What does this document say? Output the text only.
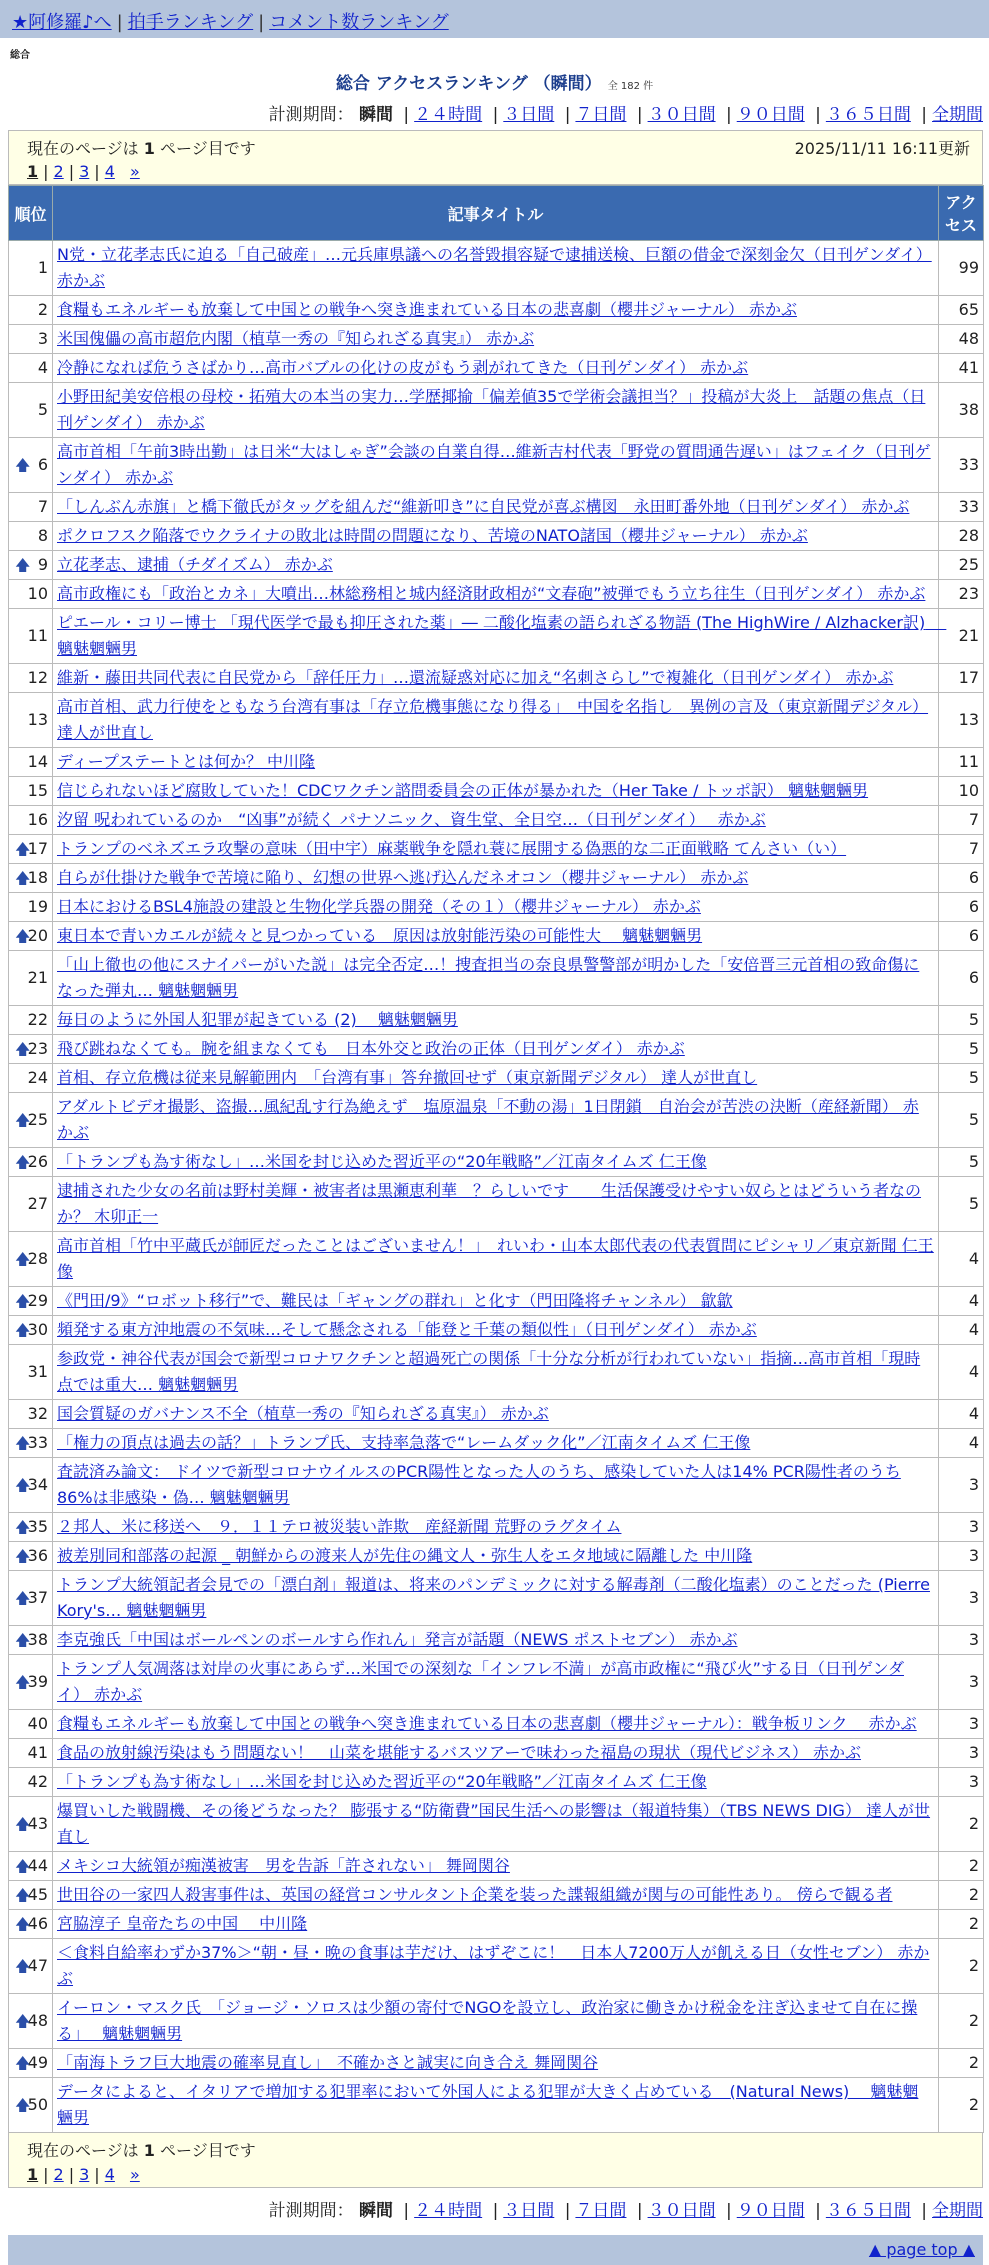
★阿修羅♪へ | 拍手ランキング | コメント数ランキング
総合
総合 アクセスランキング （瞬間） 全 182 件
計測期間： 瞬間 | ２４時間 | ３日間 | ７日間 | ３０日間 | ９０日間 | ３６５日間 | 全期間
現在のページは 1 ページ目です	2025/11/11 16:11更新
1 | 2 | 3 | 4 »
順位	記事タイトル	アクセス
1	N党・立花孝志氏に迫る「自己破産」…元兵庫県議への名誉毀損容疑で逮捕送検、巨額の借金で深刻金欠（日刊ゲンダイ） 赤かぶ	99
2	食糧もエネルギーも放棄して中国との戦争へ突き進まれている日本の悲喜劇（櫻井ジャーナル） 赤かぶ	65
3	米国傀儡の高市超危内閣（植草一秀の『知られざる真実』） 赤かぶ	48
4	冷静になれば危うさばかり…高市バブルの化けの皮がもう剥がれてきた（日刊ゲンダイ） 赤かぶ	41
5	小野田紀美安倍根の母校・拓殖大の本当の実力…学歴揶揄「偏差値35で学術会議担当？」投稿が大炎上　話題の焦点（日刊ゲンダイ） 赤かぶ	38

🡅 6	高市首相「午前3時出勤」は日米“大はしゃぎ”会談の自業自得…維新吉村代表「野党の質問通告遅い」はフェイク（日刊ゲンダイ） 赤かぶ	33
7	「しんぶん赤旗」と橋下徹氏がタッグを組んだ“維新叩き”に自民党が喜ぶ構図　永田町番外地（日刊ゲンダイ） 赤かぶ	33
8	ポクロフスク陥落でウクライナの敗北は時間の問題になり、苦境のNATO諸国（櫻井ジャーナル） 赤かぶ	28

🡅 9	立花孝志、逮捕（チダイズム） 赤かぶ	25
10	高市政権にも「政治とカネ」大噴出…林総務相と城内経済財政相が“文春砲”被弾でもう立ち往生（日刊ゲンダイ） 赤かぶ	23
11	ピエール・コリー博士 「現代医学で最も抑圧された薬」― 二酸化塩素の語られざる物語 (The HighWire / Alzhacker訳)　 魑魅魍魎男	21
12	維新・藤田共同代表に自民党から「辞任圧力」…還流疑惑対応に加え“名刺さらし”で複雑化（日刊ゲンダイ） 赤かぶ	17
13	高市首相、武力行使をともなう台湾有事は「存立危機事態になり得る」　中国を名指し　異例の言及（東京新聞デジタル） 達人が世直し	13
14	ディープステートとは何か？ 中川隆	11
15	信じられないほど腐敗していた！CDCワクチン諮問委員会の正体が暴かれた（Her Take / トッポ訳） 魑魅魍魎男	10
16	汐留 呪われているのか　“凶事”が続く パナソニック、資生堂、全日空…（日刊ゲンダイ）　 赤かぶ	7

🡅
17	トランプのベネズエラ攻撃の意味（田中宇）麻薬戦争を隠れ蓑に展開する偽悪的な二正面戦略 てんさい（い）	7

🡅
18	自らが仕掛けた戦争で苦境に陥り、幻想の世界へ逃げ込んだネオコン（櫻井ジャーナル） 赤かぶ	6
19	日本におけるBSL4施設の建設と生物化学兵器の開発（その１）（櫻井ジャーナル） 赤かぶ	6

🡅
20	東日本で青いカエルが続々と見つかっている　原因は放射能汚染の可能性大　 魑魅魍魎男	6
21	「山上徹也の他にスナイパーがいた説」は完全否定…！捜査担当の奈良県警警部が明かした「安倍晋三元首相の致命傷になった弾丸… 魑魅魍魎男	6
22	毎日のように外国人犯罪が起きている (2)　 魑魅魍魎男	5

🡅
23	飛び跳ねなくても。腕を組まなくても　日本外交と政治の正体（日刊ゲンダイ） 赤かぶ	5
24	首相、存立危機は従来見解範囲内　「台湾有事」答弁撤回せず（東京新聞デジタル） 達人が世直し	5

🡅
25	アダルトビデオ撮影、盗撮…風紀乱す行為絶えず　塩原温泉「不動の湯」1日閉鎖　自治会が苦渋の決断（産経新聞） 赤かぶ	5

🡅
26	「トランプも為す術なし」…米国を封じ込めた習近平の“20年戦略”／江南タイムズ 仁王像	5
27	逮捕された少女の名前は野村美輝・被害者は黒瀬恵利華　？らしいです　　生活保護受けやすい奴らとはどういう者なのか？ 木卯正一	5

🡅
28	高市首相「竹中平蔵氏が師匠だったことはございません！」　れいわ・山本太郎代表の代表質問にピシャリ／東京新聞 仁王像	4

🡅
29	《門田/9》“ロボット移行”で、難民は「ギャングの群れ」と化す（門田隆将チャンネル） 歙歙	4

🡅
30	頻発する東方沖地震の不気味…そして懸念される「能登と千葉の類似性」（日刊ゲンダイ） 赤かぶ	4
31	参政党・神谷代表が国会で新型コロナワクチンと超過死亡の関係「十分な分析が行われていない」指摘…高市首相「現時点では重大… 魑魅魍魎男	4
32	国会質疑のガバナンス不全（植草一秀の『知られざる真実』） 赤かぶ	4

🡅
33	「権力の頂点は過去の話？」トランプ氏、支持率急落で“レームダック化”／江南タイムズ 仁王像	4

🡅
34	査読済み論文： ドイツで新型コロナウイルスのPCR陽性となった人のうち、感染していた人は14% PCR陽性者のうち86%は非感染・偽… 魑魅魍魎男	3

🡅
35	２邦人、米に移送へ　９．１１テロ被災装い詐欺　産経新聞 荒野のラグタイム	3

🡅
36	被差別同和部落の起源 _ 朝鮮からの渡来人が先住の縄文人・弥生人をエタ地域に隔離した 中川隆	3

🡅
37	トランプ大統領記者会見での「漂白剤」報道は、将来のパンデミックに対する解毒剤（二酸化塩素）のことだった (Pierre Kory's… 魑魅魍魎男	3

🡅
38	李克強氏「中国はボールペンのボールすら作れん」発言が話題（NEWS ポストセブン） 赤かぶ	3

🡅
39	トランプ人気凋落は対岸の火事にあらず…米国での深刻な「インフレ不満」が高市政権に“飛び火”する日（日刊ゲンダイ） 赤かぶ	3
40	食糧もエネルギーも放棄して中国との戦争へ突き進まれている日本の悲喜劇（櫻井ジャーナル）：戦争板リンク　 赤かぶ	3
41	食品の放射線汚染はもう問題ない！　山菜を堪能するバスツアーで味わった福島の現状（現代ビジネス） 赤かぶ	3
42	「トランプも為す術なし」…米国を封じ込めた習近平の“20年戦略”／江南タイムズ 仁王像	3

🡅
43	爆買いした戦闘機、その後どうなった？ 膨張する“防衛費”国民生活への影響は（報道特集）（TBS NEWS DIG） 達人が世直し	2

🡅
44	メキシコ大統領が痴漢被害　男を告訴「許されない」 舞岡関谷	2

🡅
45	世田谷の一家四人殺害事件は、英国の経営コンサルタント企業を装った諜報組織が関与の可能性あり。 傍らで観る者	2

🡅
46	宮脇淳子 皇帝たちの中国　 中川隆	2

🡅
47	＜食料自給率わずか37%＞“朝・昼・晩の食事は芋だけ、はずぞこに！　日本人7200万人が飢える日（女性セブン） 赤かぶ	2

🡅
48	イーロン・マスク氏　「ジョージ・ソロスは少額の寄付でNGOを設立し、政治家に働きかけ税金を注ぎ込ませて自在に操る」　 魑魅魍魎男	2

🡅
49	「南海トラフ巨大地震の確率見直し」　不確かさと誠実に向き合え 舞岡関谷	2

🡅
50	データによると、イタリアで増加する犯罪率において外国人による犯罪が大きく占めている　(Natural News)　 魑魅魍魎男	2
現在のページは 1 ページ目です
1 | 2 | 3 | 4 »
計測期間： 瞬間 | ２４時間 | ３日間 | ７日間 | ３０日間 | ９０日間 | ３６５日間 | 全期間
▲ page top ▲
